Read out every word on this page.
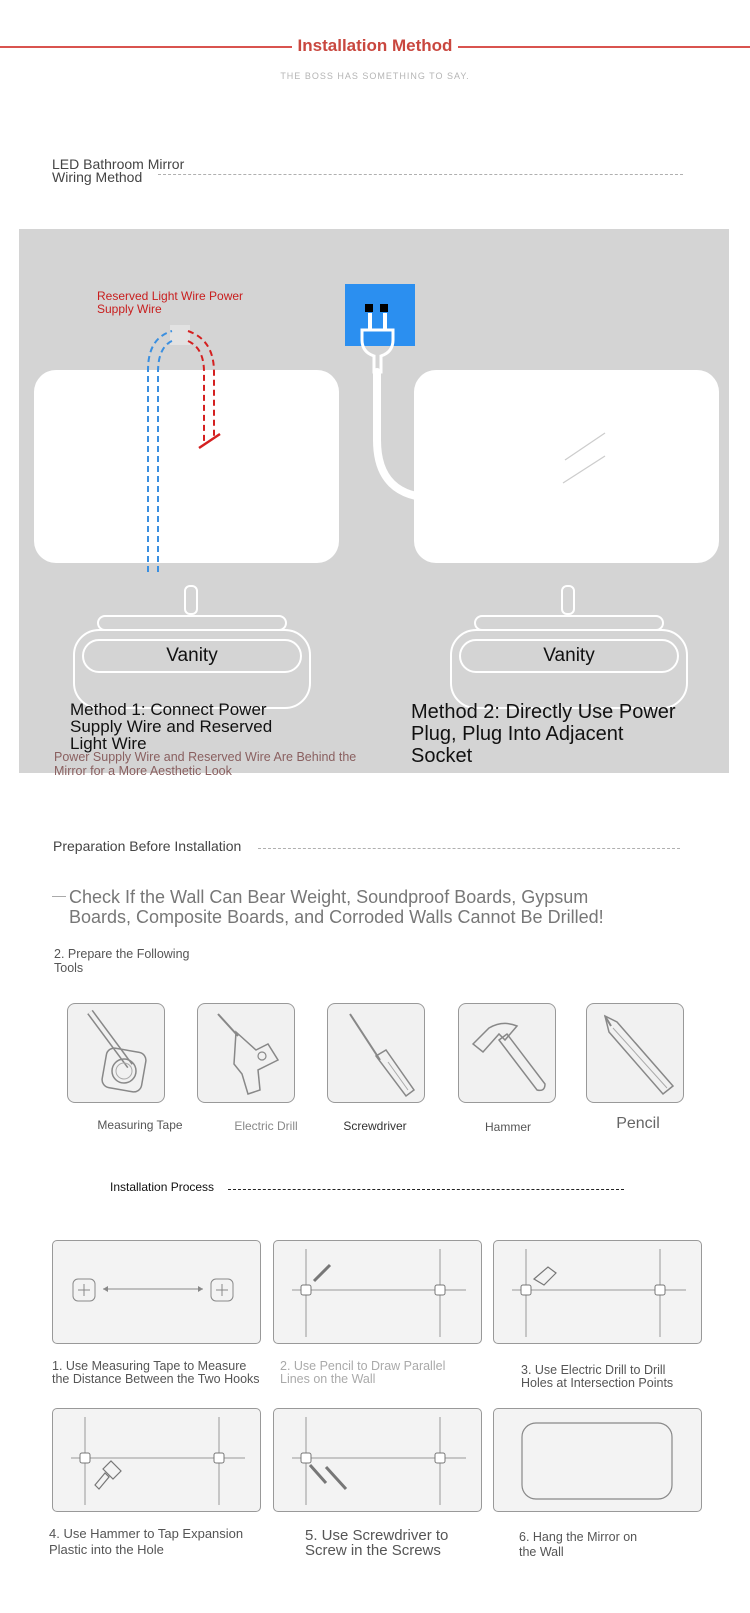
Installation Method
THE BOSS HAS SOMETHING TO SAY.
LED Bathroom Mirror
Wiring Method
Vanity	Vanity
Reserved Light Wire Power
Supply Wire
Method 1: Connect Power
Supply Wire and Reserved
Light Wire
Power Supply Wire and Reserved Wire Are Behind the
Mirror for a More Aesthetic Look
Method 2: Directly Use Power
Plug, Plug Into Adjacent
Socket
Preparation Before Installation
Check If the Wall Can Bear Weight, Soundproof Boards, Gypsum
Boards, Composite Boards, and Corroded Walls Cannot Be Drilled!
2. Prepare the Following
Tools
Measuring Tape	Electric Drill	Screwdriver	Hammer	Pencil
Installation Process
1. Use Measuring Tape to Measure
the Distance Between the Two Hooks
2. Use Pencil to Draw Parallel
Lines on the Wall
3. Use Electric Drill to Drill
Holes at Intersection Points
4. Use Hammer to Tap Expansion
Plastic into the Hole
5. Use Screwdriver to
Screw in the Screws
6. Hang the Mirror on
the Wall
